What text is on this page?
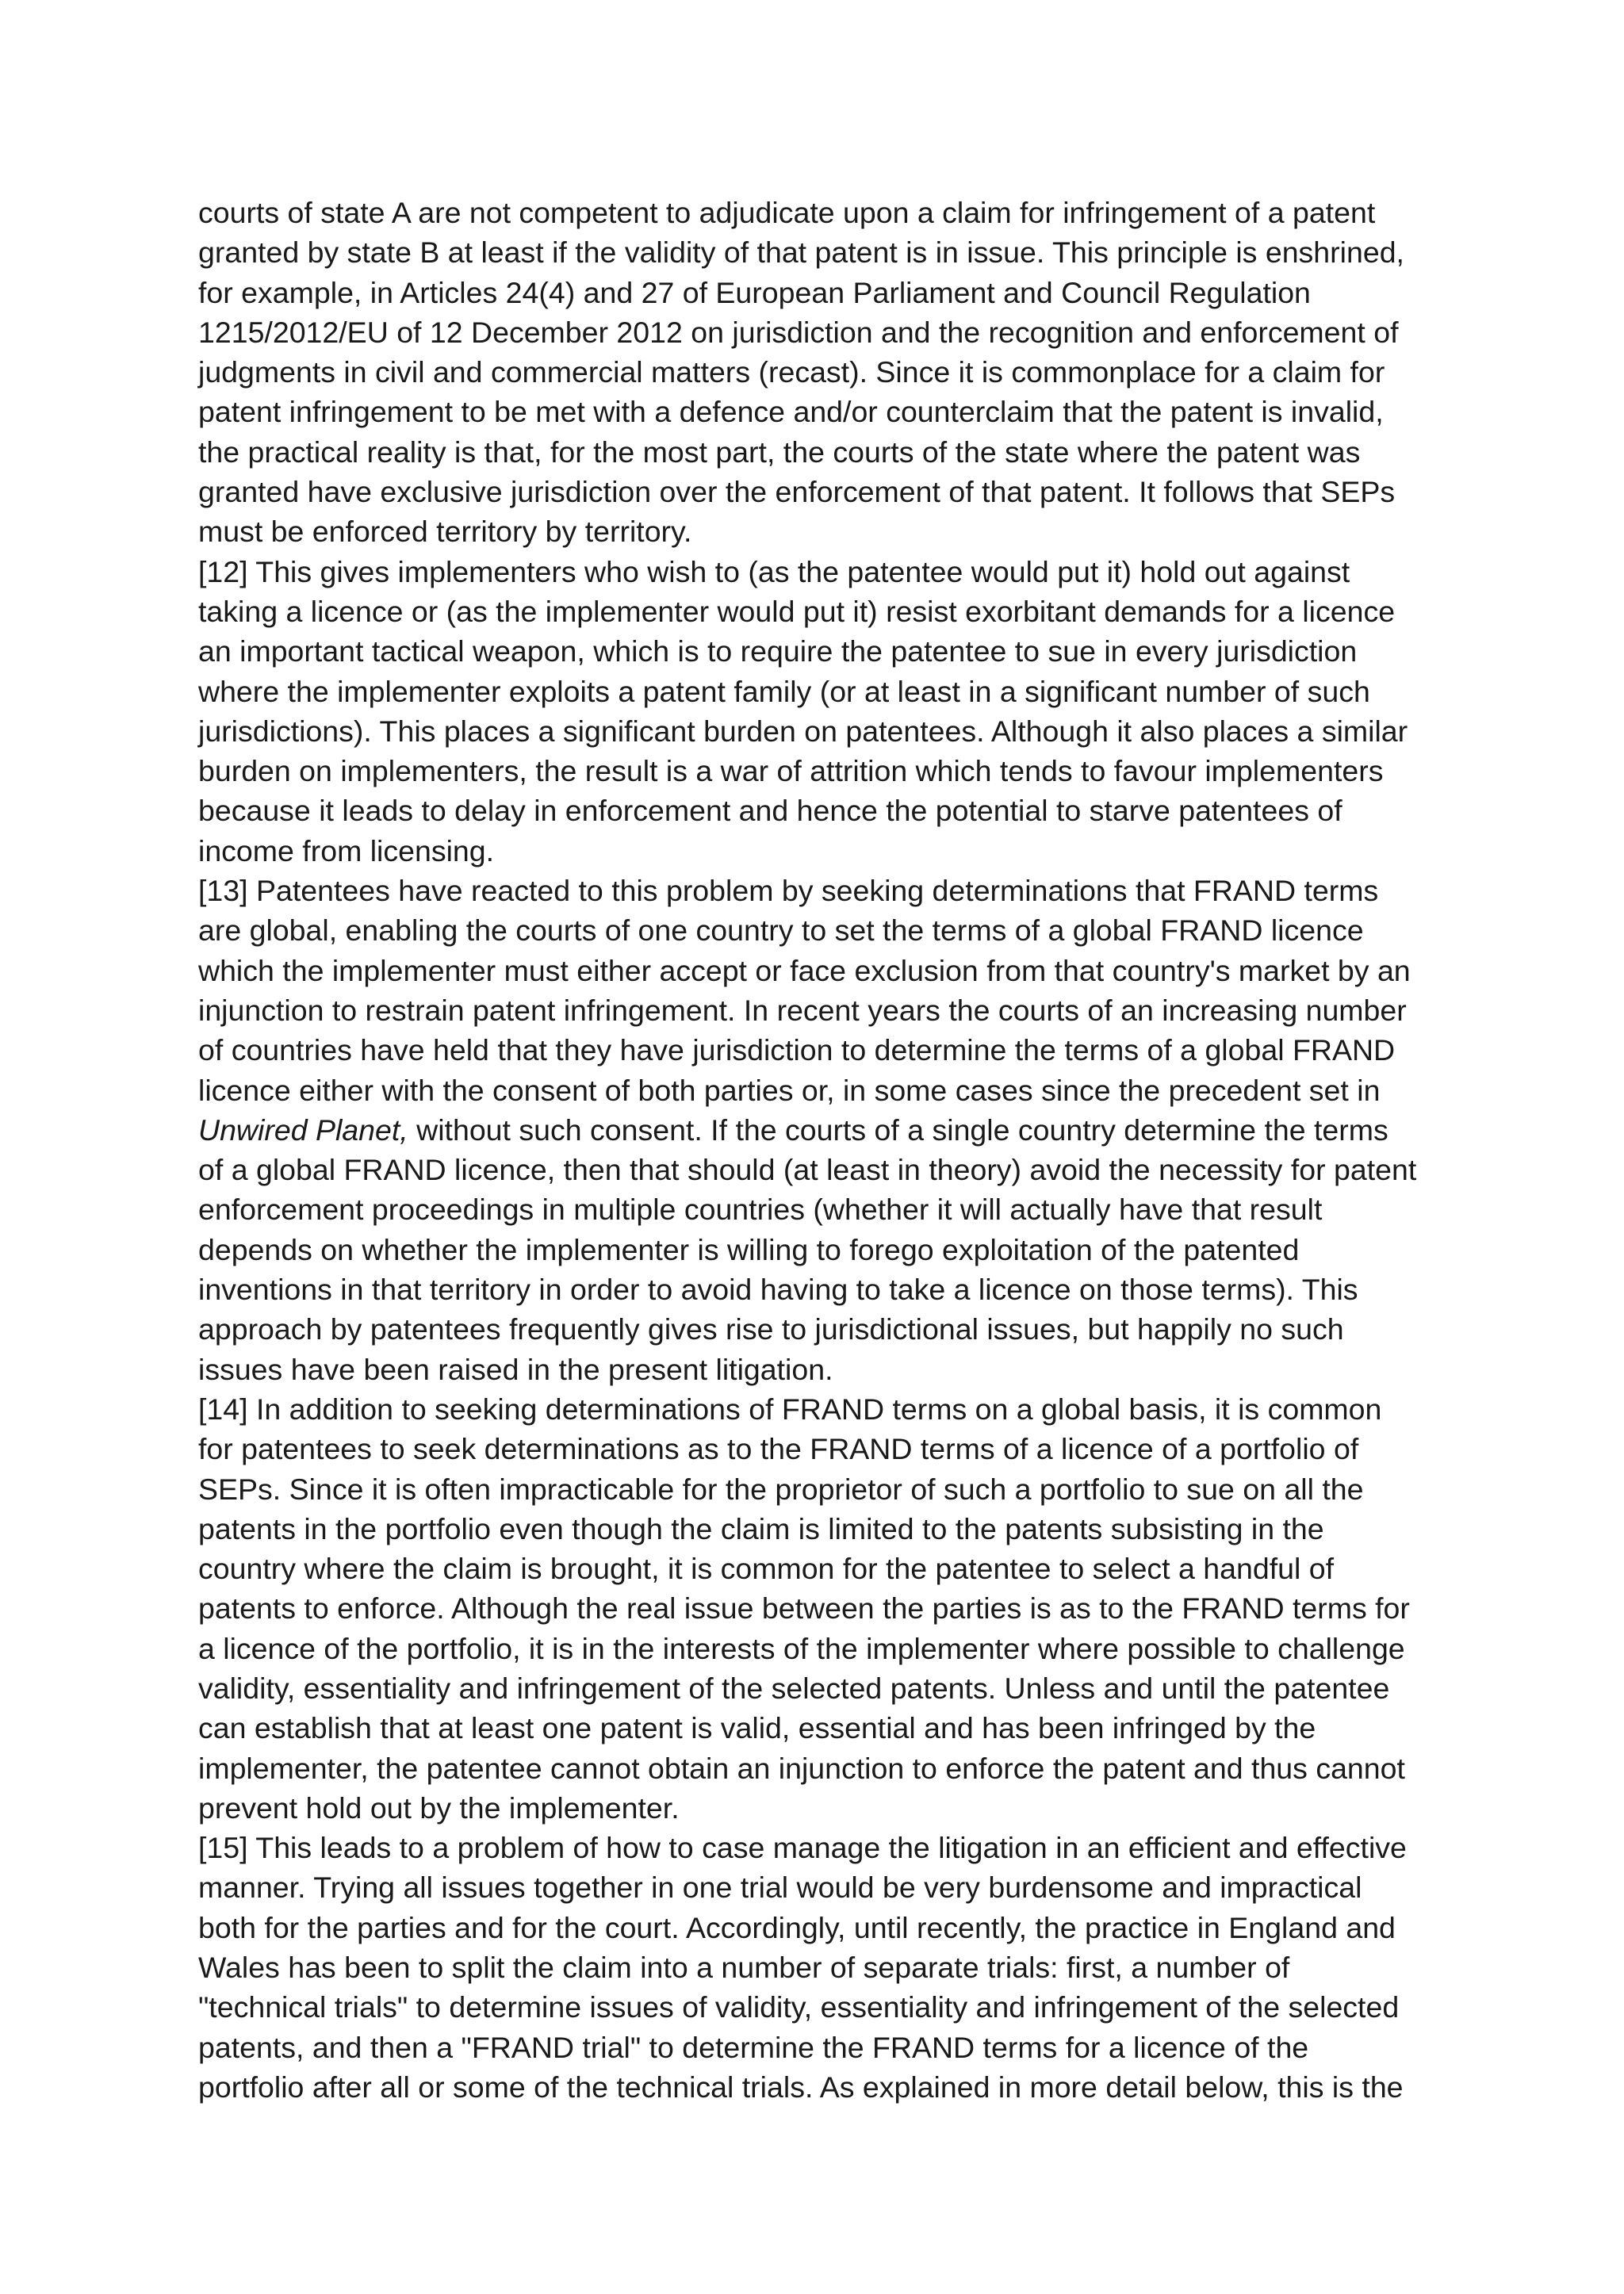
courts of state A are not competent to adjudicate upon a claim for infringement of a patent
granted by state B at least if the validity of that patent is in issue. This principle is enshrined,
for example, in Articles 24(4) and 27 of European Parliament and Council Regulation
1215/2012/EU of 12 December 2012 on jurisdiction and the recognition and enforcement of
judgments in civil and commercial matters (recast). Since it is commonplace for a claim for
patent infringement to be met with a defence and/or counterclaim that the patent is invalid,
the practical reality is that, for the most part, the courts of the state where the patent was
granted have exclusive jurisdiction over the enforcement of that patent. It follows that SEPs
must be enforced territory by territory.

[12] This gives implementers who wish to (as the patentee would put it) hold out against
taking a licence or (as the implementer would put it) resist exorbitant demands for a licence
an important tactical weapon, which is to require the patentee to sue in every jurisdiction
where the implementer exploits a patent family (or at least in a significant number of such
jurisdictions). This places a significant burden on patentees. Although it also places a similar
burden on implementers, the result is a war of attrition which tends to favour implementers
because it leads to delay in enforcement and hence the potential to starve patentees of
income from licensing.

[13] Patentees have reacted to this problem by seeking determinations that FRAND terms
are global, enabling the courts of one country to set the terms of a global FRAND licence
which the implementer must either accept or face exclusion from that country's market by an
injunction to restrain patent infringement. In recent years the courts of an increasing number
of countries have held that they have jurisdiction to determine the terms of a global FRAND
licence either with the consent of both parties or, in some cases since the precedent set in
Unwired Planet, without such consent. If the courts of a single country determine the terms
of a global FRAND licence, then that should (at least in theory) avoid the necessity for patent
enforcement proceedings in multiple countries (whether it will actually have that result
depends on whether the implementer is willing to forego exploitation of the patented
inventions in that territory in order to avoid having to take a licence on those terms). This
approach by patentees frequently gives rise to jurisdictional issues, but happily no such
issues have been raised in the present litigation.

[14] In addition to seeking determinations of FRAND terms on a global basis, it is common
for patentees to seek determinations as to the FRAND terms of a licence of a portfolio of
SEPs. Since it is often impracticable for the proprietor of such a portfolio to sue on all the
patents in the portfolio even though the claim is limited to the patents subsisting in the
country where the claim is brought, it is common for the patentee to select a handful of
patents to enforce. Although the real issue between the parties is as to the FRAND terms for
a licence of the portfolio, it is in the interests of the implementer where possible to challenge
validity, essentiality and infringement of the selected patents. Unless and until the patentee
can establish that at least one patent is valid, essential and has been infringed by the
implementer, the patentee cannot obtain an injunction to enforce the patent and thus cannot
prevent hold out by the implementer.

[15] This leads to a problem of how to case manage the litigation in an efficient and effective
manner. Trying all issues together in one trial would be very burdensome and impractical
both for the parties and for the court. Accordingly, until recently, the practice in England and
Wales has been to split the claim into a number of separate trials: first, a number of
"technical trials" to determine issues of validity, essentiality and infringement of the selected
patents, and then a "FRAND trial" to determine the FRAND terms for a licence of the
portfolio after all or some of the technical trials. As explained in more detail below, this is the
